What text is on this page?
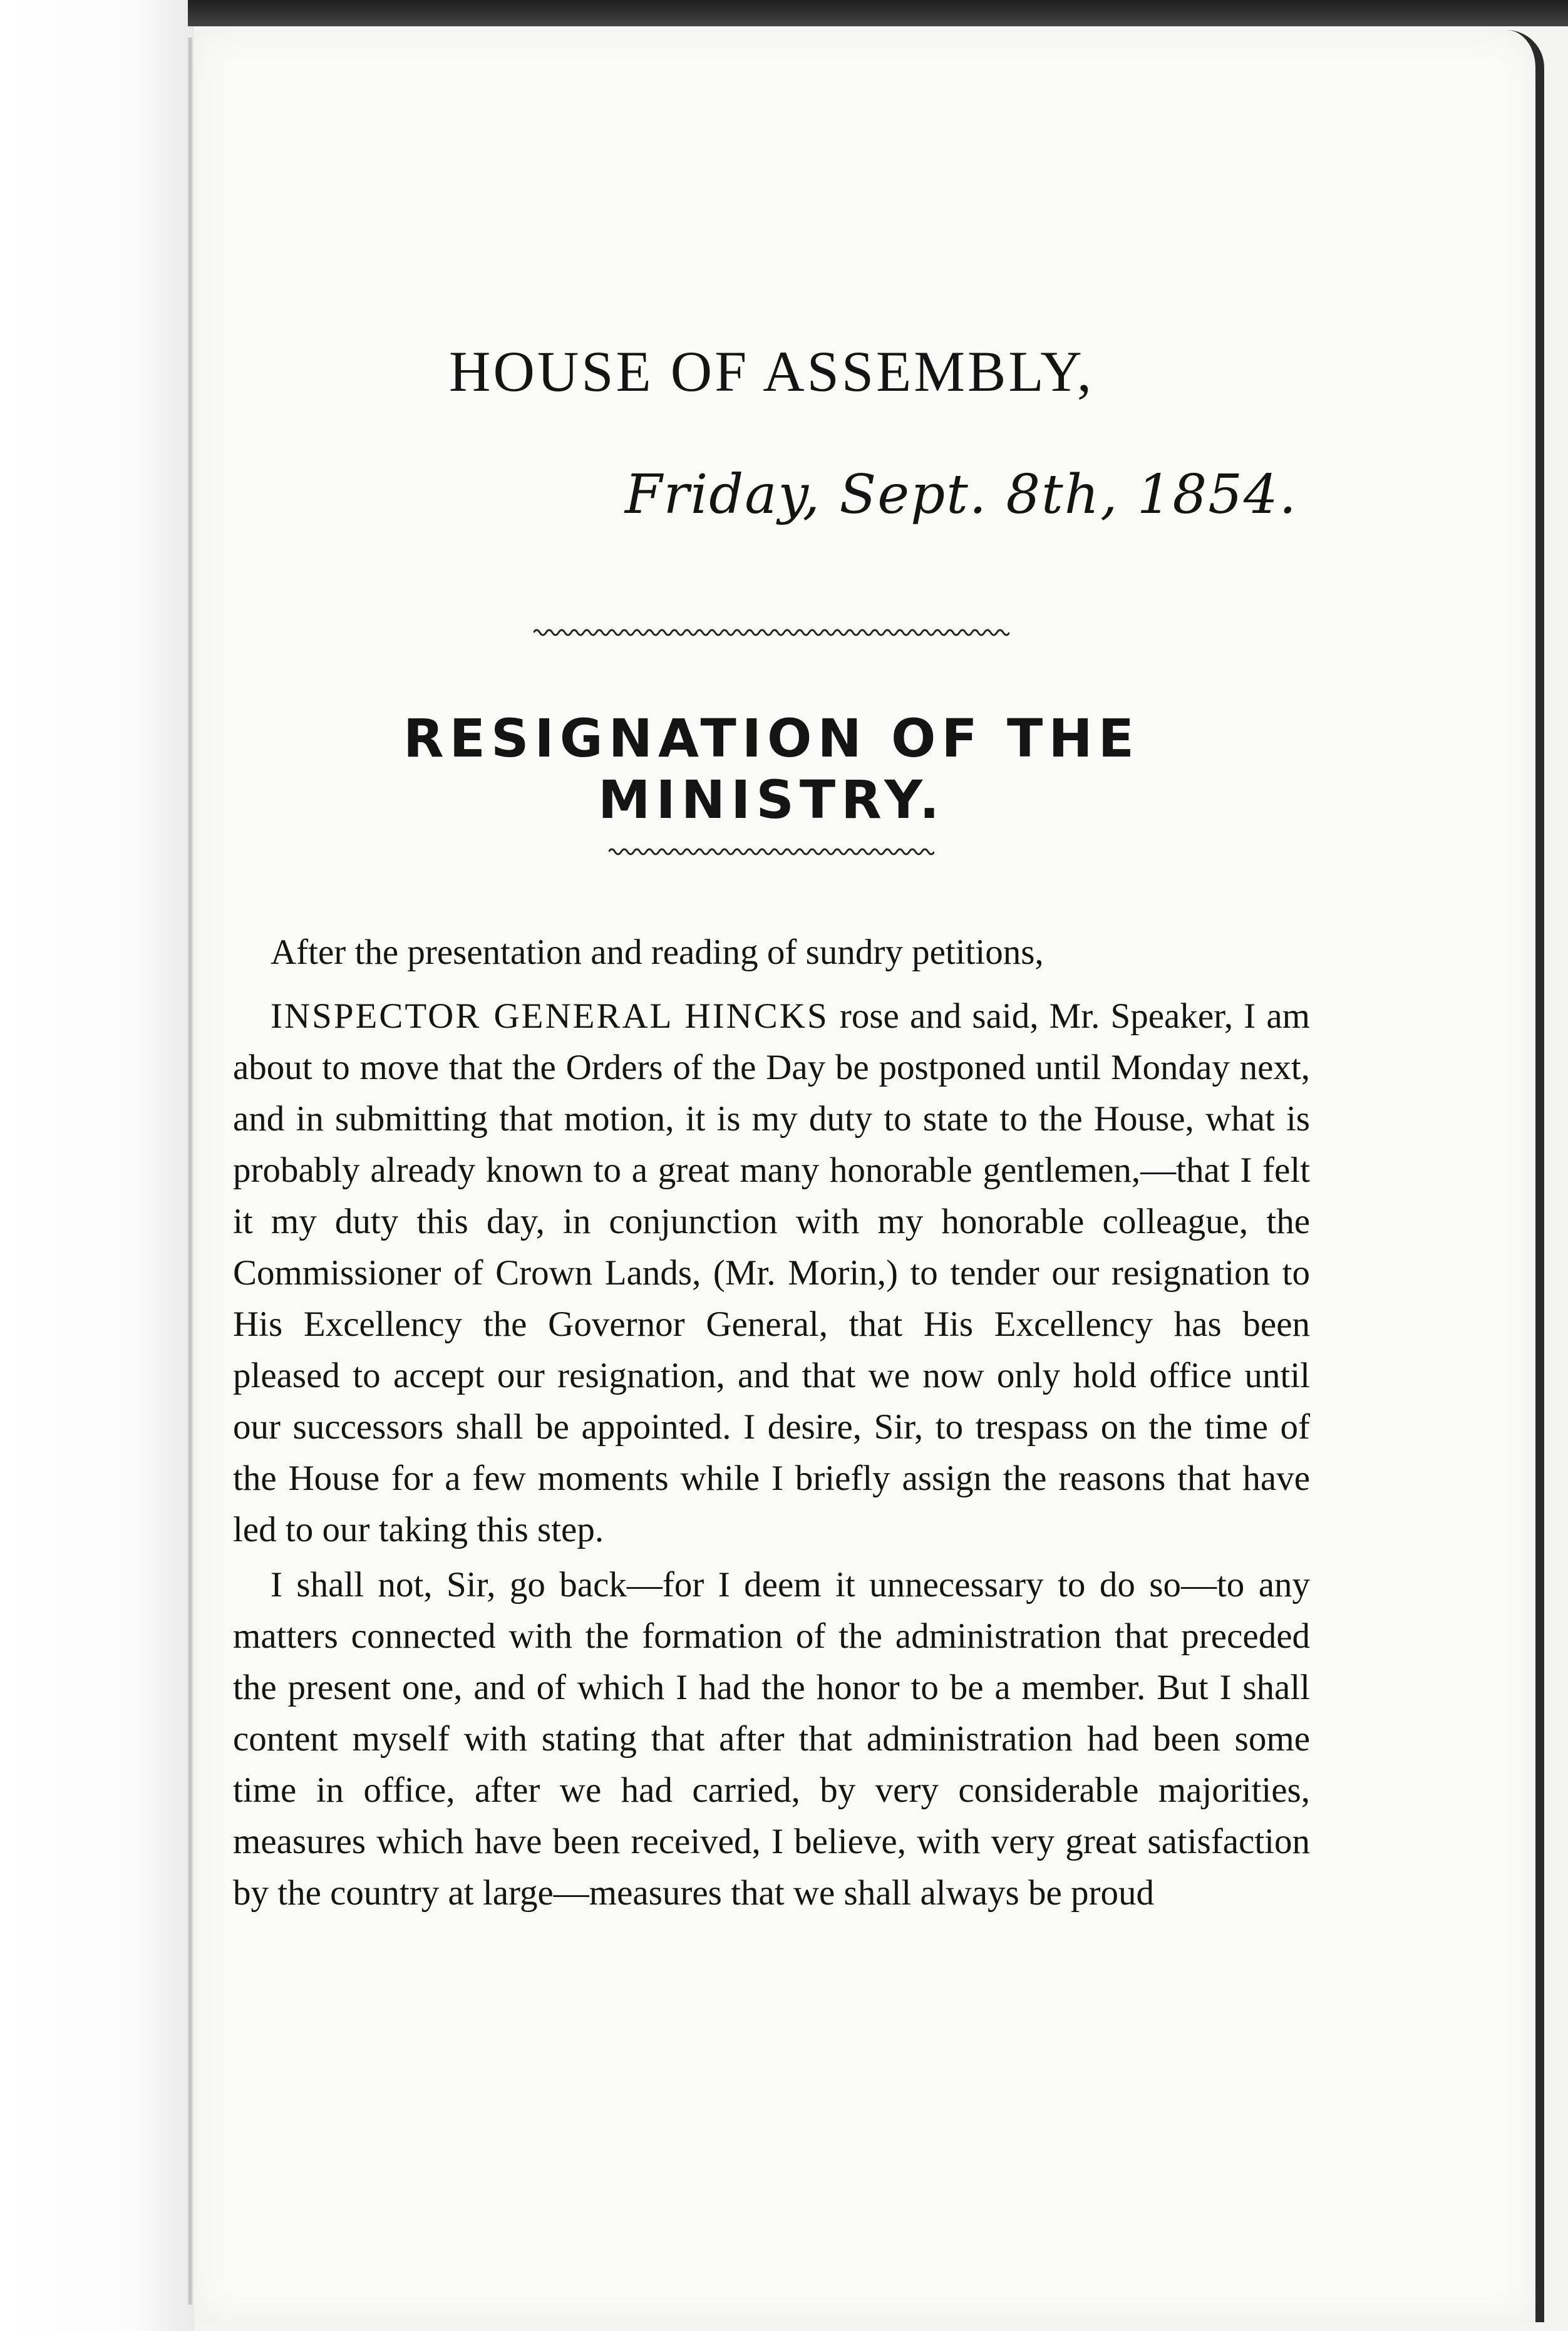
HOUSE OF ASSEMBLY,
Friday, Sept. 8th, 1854.
RESIGNATION OF THE MINISTRY.

After the presentation and reading of sundry petitions,

INSPECTOR GENERAL HINCKS rose and said, Mr. Speaker, I am about to move that the Orders of the Day be postponed until Monday next, and in submitting that motion, it is my duty to state to the House, what is probably already known to a great many honorable gentlemen,—that I felt it my duty this day, in conjunction with my honorable colleague, the Commissioner of Crown Lands, (Mr. Morin,) to tender our resignation to His Excellency the Governor General, that His Excellency has been pleased to accept our resignation, and that we now only hold office until our successors shall be appointed. I desire, Sir, to trespass on the time of the House for a few moments while I briefly assign the reasons that have led to our taking this step.

I shall not, Sir, go back—for I deem it unnecessary to do so—to any matters connected with the formation of the administration that preceded the present one, and of which I had the honor to be a member. But I shall content myself with stating that after that administration had been some time in office, after we had carried, by very considerable majorities, measures which have been received, I believe, with very great satisfaction by the country at large—measures that we shall always be proud
